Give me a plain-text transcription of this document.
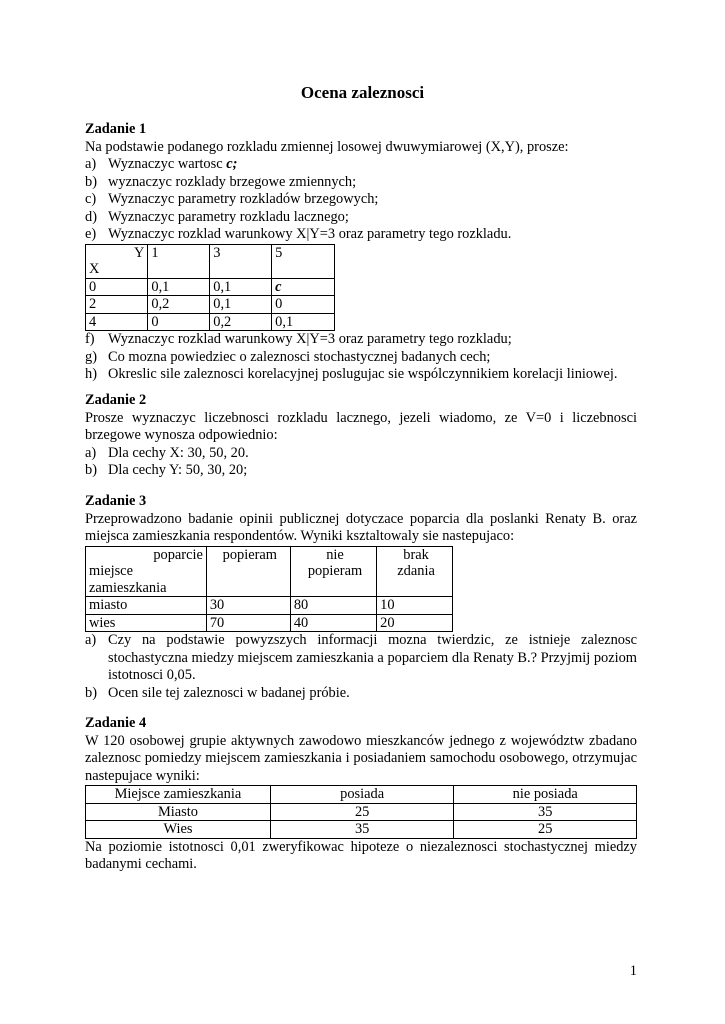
Ocena zaleznosci
Zadanie 1
Na podstawie podanego rozkladu zmiennej losowej dwuwymiarowej (X,Y), prosze:
a) Wyznaczyc wartosc c;
b) wyznaczyc rozklady brzegowe zmiennych;
c) Wyznaczyc parametry rozkladów brzegowych;
d) Wyznaczyc parametry rozkladu lacznego;
e) Wyznaczyc rozklad warunkowy X|Y=3 oraz parametry tego rozkladu.
Y
X	1	3	5
0	0,1	0,1	c
2	0,2	0,1	0
4	0	0,2	0,1
f) Wyznaczyc rozklad warunkowy X|Y=3 oraz parametry tego rozkladu;
g) Co mozna powiedziec o zaleznosci stochastycznej badanych cech;
h) Okreslic sile zaleznosci korelacyjnej poslugujac sie wspólczynnikiem korelacji liniowej.
Zadanie 2
Prosze wyznaczyc liczebnosci rozkladu lacznego, jezeli wiadomo, ze V=0 i liczebnosci brzegowe wynosza odpowiednio:
a) Dla cechy X: 30, 50, 20.
b) Dla cechy Y: 50, 30, 20;
Zadanie 3
Przeprowadzono badanie opinii publicznej dotyczace poparcia dla poslanki Renaty B. oraz miejsca zamieszkania respondentów. Wyniki ksztaltowaly sie nastepujaco:
poparcie
miejsce
zamieszkania	popieram	nie popieram	brak zdania

miasto	30	80	10
wies	70	40	20
a) Czy na podstawie powyzszych informacji mozna twierdzic, ze istnieje zaleznosc stochastyczna miedzy miejscem zamieszkania a poparciem dla Renaty B.? Przyjmij poziom istotnosci 0,05.
b) Ocen sile tej zaleznosci w badanej próbie.
Zadanie 4
W 120 osobowej grupie aktywnych zawodowo mieszkanców jednego z województw zbadano zaleznosc pomiedzy miejscem zamieszkania i posiadaniem samochodu osobowego, otrzymujac nastepujace wyniki:
Miejsce zamieszkania	posiada	nie posiada
Miasto	25	35
Wies	35	25
Na poziomie istotnosci 0,01 zweryfikowac hipoteze o niezaleznosci stochastycznej miedzy badanymi cechami.
1
